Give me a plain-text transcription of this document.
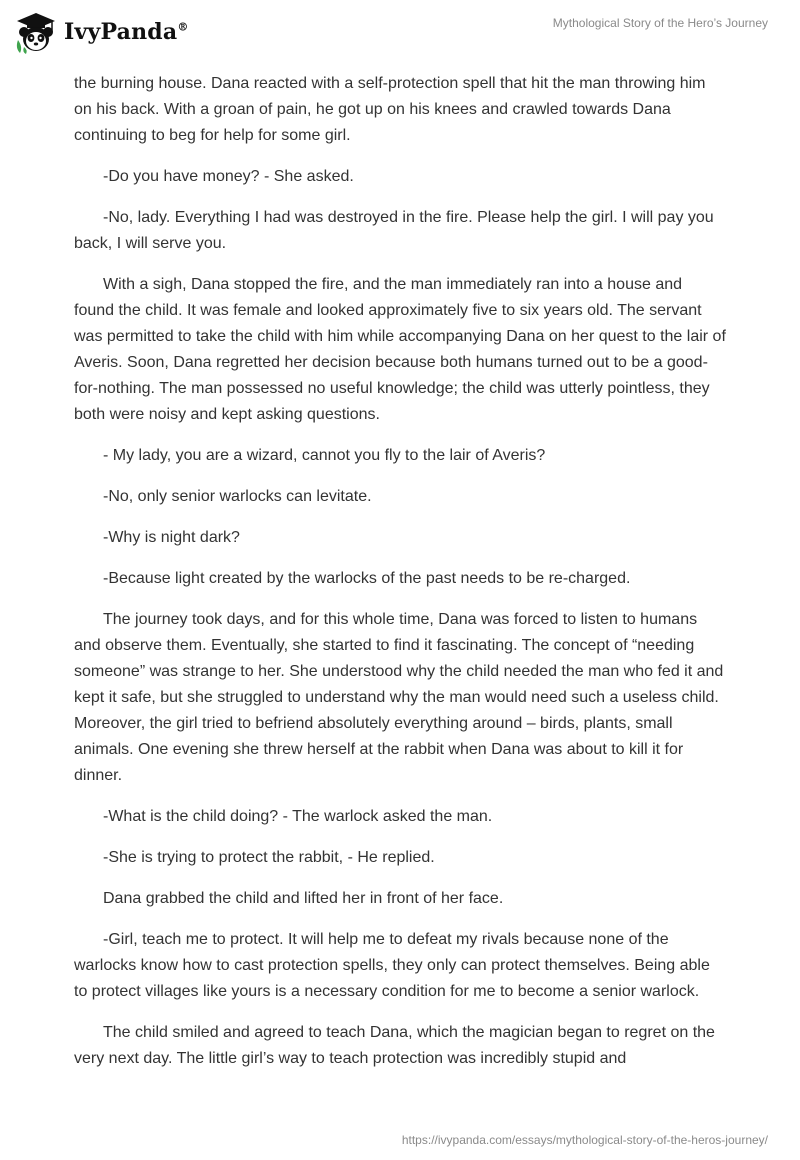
IvyPanda®	Mythological Story of the Hero’s Journey

the burning house. Dana reacted with a self-protection spell that hit the man throwing him on his back. With a groan of pain, he got up on his knees and crawled towards Dana continuing to beg for help for some girl.

-Do you have money? - She asked.

-No, lady. Everything I had was destroyed in the fire. Please help the girl. I will pay you back, I will serve you.

With a sigh, Dana stopped the fire, and the man immediately ran into a house and found the child. It was female and looked approximately five to six years old. The servant was permitted to take the child with him while accompanying Dana on her quest to the lair of Averis. Soon, Dana regretted her decision because both humans turned out to be a good-for-nothing. The man possessed no useful knowledge; the child was utterly pointless, they both were noisy and kept asking questions.

- My lady, you are a wizard, cannot you fly to the lair of Averis?

-No, only senior warlocks can levitate.

-Why is night dark?

-Because light created by the warlocks of the past needs to be re-charged.

The journey took days, and for this whole time, Dana was forced to listen to humans and observe them. Eventually, she started to find it fascinating. The concept of “needing someone” was strange to her. She understood why the child needed the man who fed it and kept it safe, but she struggled to understand why the man would need such a useless child. Moreover, the girl tried to befriend absolutely everything around – birds, plants, small animals. One evening she threw herself at the rabbit when Dana was about to kill it for dinner.

-What is the child doing? - The warlock asked the man.

-She is trying to protect the rabbit, - He replied.

Dana grabbed the child and lifted her in front of her face.

-Girl, teach me to protect. It will help me to defeat my rivals because none of the warlocks know how to cast protection spells, they only can protect themselves. Being able to protect villages like yours is a necessary condition for me to become a senior warlock.

The child smiled and agreed to teach Dana, which the magician began to regret on the very next day. The little girl’s way to teach protection was incredibly stupid and

https://ivypanda.com/essays/mythological-story-of-the-heros-journey/
